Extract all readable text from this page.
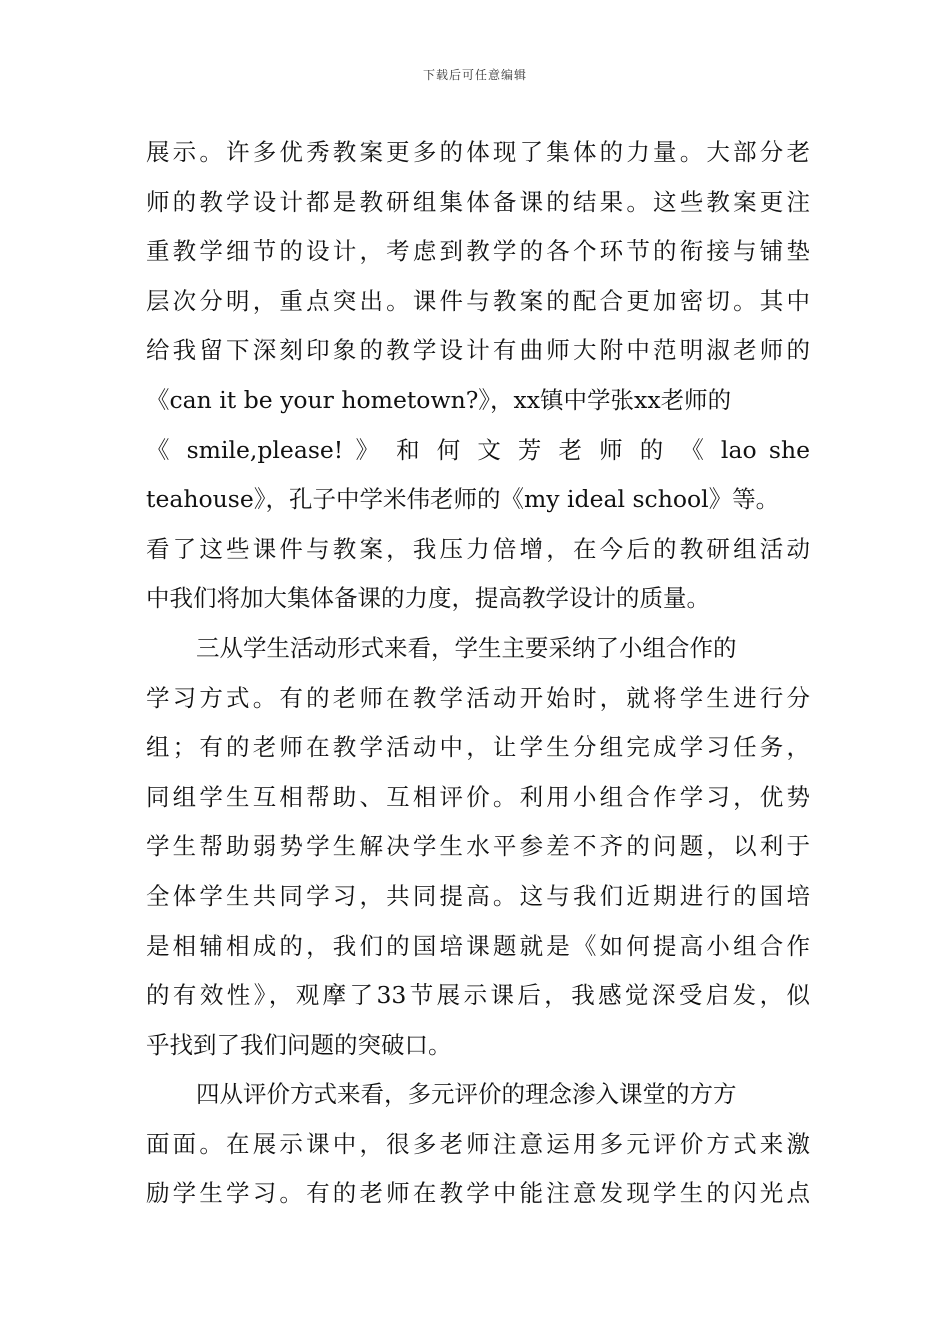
下载后可任意编辑
展示。许多优秀教案更多的体现了集体的力量。大部分老
师的教学设计都是教研组集体备课的结果。这些教案更注
重教学细节的设计，考虑到教学的各个环节的衔接与铺垫
层次分明，重点突出。课件与教案的配合更加密切。其中
给我留下深刻印象的教学设计有曲师大附中范明淑老师的
《can it be your hometown?》，xx镇中学张xx老师的
《 smile,please! 》 和 何 文 芳 老 师 的 《 lao she
teahouse》，孔子中学米伟老师的《my ideal school》等。
看了这些课件与教案，我压力倍增，在今后的教研组活动
中我们将加大集体备课的力度，提高教学设计的质量。
三从学生活动形式来看，学生主要采纳了小组合作的
学习方式。有的老师在教学活动开始时，就将学生进行分
组；有的老师在教学活动中，让学生分组完成学习任务，
同组学生互相帮助、互相评价。利用小组合作学习，优势
学生帮助弱势学生解决学生水平参差不齐的问题，以利于
全体学生共同学习，共同提高。这与我们近期进行的国培
是相辅相成的，我们的国培课题就是《如何提高小组合作
的有效性》，观摩了33节展示课后，我感觉深受启发，似
乎找到了我们问题的突破口。
四从评价方式来看，多元评价的理念渗入课堂的方方
面面。在展示课中，很多老师注意运用多元评价方式来激
励学生学习。有的老师在教学中能注意发现学生的闪光点
